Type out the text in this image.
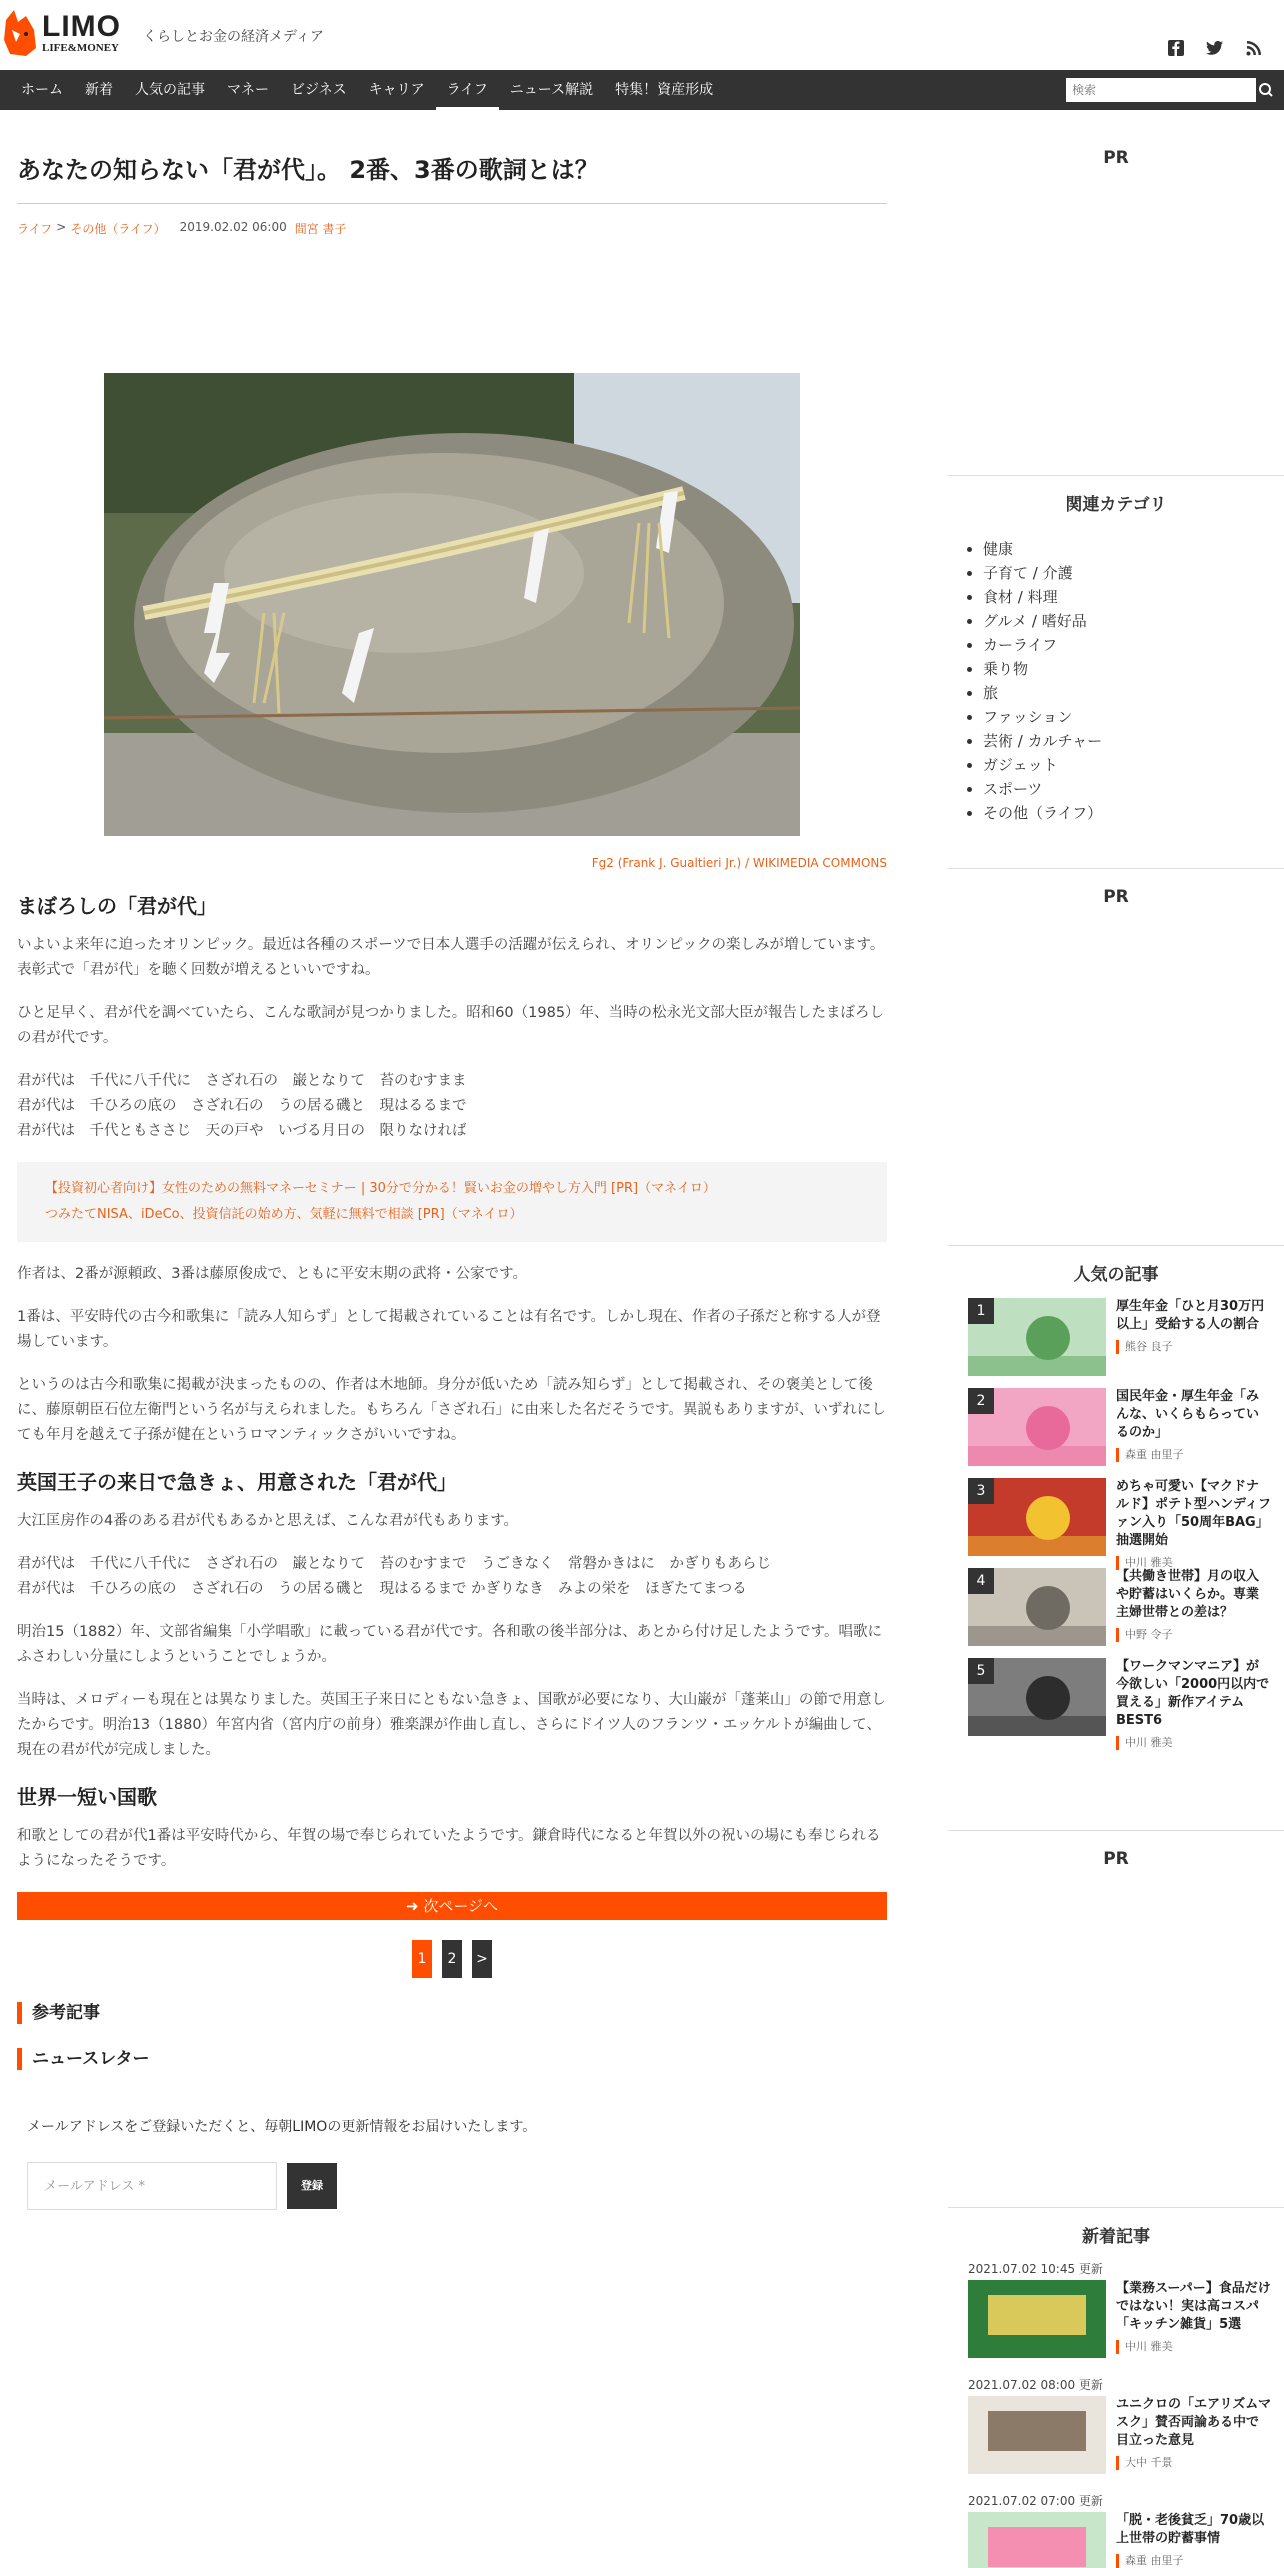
LIMO
LIFE&MONEY
くらしとお金の経済メディア
ホーム	新着	人気の記事	マネー	ビジネス	キャリア	ライフ	ニュース解説	特集！資産形成
検索
あなたの知らない「君が代」。 2番、3番の歌詞とは？
ライフ > その他（ライフ） 2019.02.02 06:00 間宮 書子
Fg2 (Frank J. Gualtieri Jr.) / WIKIMEDIA COMMONS
まぼろしの「君が代」

いよいよ来年に迫ったオリンピック。最近は各種のスポーツで日本人選手の活躍が伝えられ、オリンピックの楽しみが増しています。表彰式で「君が代」を聴く回数が増えるといいですね。

ひと足早く、君が代を調べていたら、こんな歌詞が見つかりました。昭和60（1985）年、当時の松永光文部大臣が報告したまぼろしの君が代です。

君が代は　千代に八千代に　さざれ石の　巌となりて　苔のむすまま
君が代は　千ひろの底の　さざれ石の　うの居る磯と　現はるるまで
君が代は　千代ともささじ　天の戸や　いづる月日の　限りなければ

【投資初心者向け】女性のための無料マネーセミナー | 30分で分かる！賢いお金の増やし方入門 [PR]（マネイロ）
つみたてNISA、iDeCo、投資信託の始め方、気軽に無料で相談 [PR]（マネイロ）

作者は、2番が源頼政、3番は藤原俊成で、ともに平安末期の武将・公家です。

1番は、平安時代の古今和歌集に「読み人知らず」として掲載されていることは有名です。しかし現在、作者の子孫だと称する人が登場しています。

というのは古今和歌集に掲載が決まったものの、作者は木地師。身分が低いため「読み知らず」として掲載され、その褒美として後に、藤原朝臣石位左衛門という名が与えられました。もちろん「さざれ石」に由来した名だそうです。異説もありますが、いずれにしても年月を越えて子孫が健在というロマンティックさがいいですね。

英国王子の来日で急きょ、用意された「君が代」

大江匡房作の4番のある君が代もあるかと思えば、こんな君が代もあります。

君が代は　千代に八千代に　さざれ石の　巌となりて　苔のむすまで　うごきなく　常磐かきはに　かぎりもあらじ
君が代は　千ひろの底の　さざれ石の　うの居る磯と　現はるるまで かぎりなき　みよの栄を　ほぎたてまつる

明治15（1882）年、文部省編集「小学唱歌」に載っている君が代です。各和歌の後半部分は、あとから付け足したようです。唱歌にふさわしい分量にしようということでしょうか。

当時は、メロディーも現在とは異なりました。英国王子来日にともない急きょ、国歌が必要になり、大山巌が「蓬莱山」の節で用意したからです。明治13（1880）年宮内省（宮内庁の前身）雅楽課が作曲し直し、さらにドイツ人のフランツ・エッケルトが編曲して、現在の君が代が完成しました。

世界一短い国歌

和歌としての君が代1番は平安時代から、年賀の場で奉じられていたようです。鎌倉時代になると年賀以外の祝いの場にも奉じられるようになったそうです。

➜ 次ページへ
1	2	>
参考記事
ニュースレター
メールアドレスをご登録いただくと、毎朝LIMOの更新情報をお届けいたします。
メールアドレス *	登録
PR
関連カテゴリ
• 健康
• 子育て / 介護
• 食材 / 料理
• グルメ / 嗜好品
• カーライフ
• 乗り物
• 旅
• ファッション
• 芸術 / カルチャー
• ガジェット
• スポーツ
• その他（ライフ）
PR
人気の記事
1	厚生年金「ひと月30万円以上」受給する人の割合
熊谷 良子
2	国民年金・厚生年金「みんな、いくらもらっているのか」
森重 由里子
3	めちゃ可愛い【マクドナルド】ポテト型ハンディファン入り「50周年BAG」抽選開始
中川 雅美
4	【共働き世帯】月の収入や貯蓄はいくらか。専業主婦世帯との差は？
中野 令子
5	【ワークマンマニア】が今欲しい「2000円以内で買える」新作アイテムBEST6
中川 雅美
PR
新着記事
2021.07.02 10:45 更新
【業務スーパー】食品だけではない！実は高コスパ「キッチン雑貨」5選
中川 雅美
2021.07.02 08:00 更新
ユニクロの「エアリズムマスク」賛否両論ある中で目立った意見
大中 千景
2021.07.02 07:00 更新
「脱・老後貧乏」70歳以上世帯の貯蓄事情
森重 由里子
